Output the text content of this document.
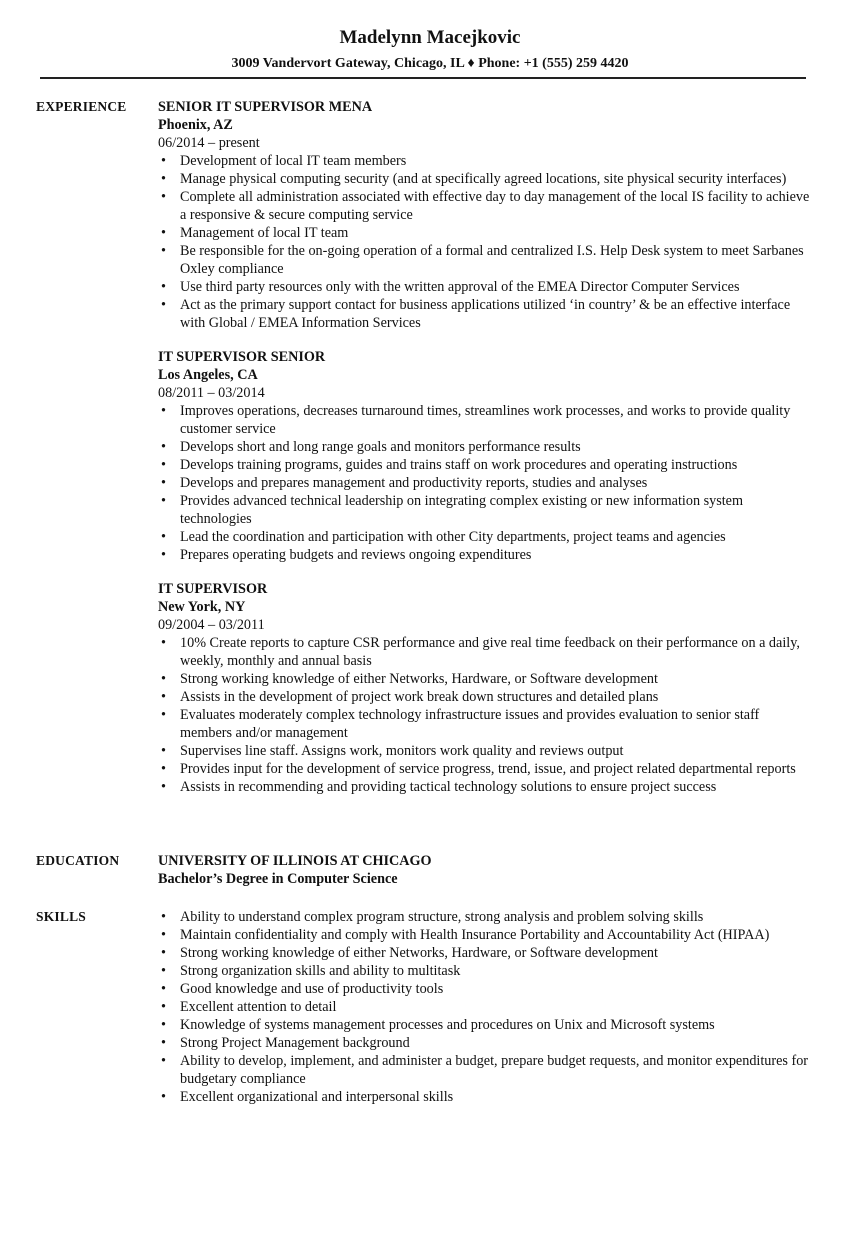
Madelynn Macejkovic
3009 Vandervort Gateway, Chicago, IL ♦ Phone: +1 (555) 259 4420
EXPERIENCE SENIOR IT SUPERVISOR MENA
Phoenix, AZ
06/2014 – present
• Development of local IT team members
• Manage physical computing security (and at specifically agreed locations, site physical security interfaces)
• Complete all administration associated with effective day to day management of the local IS facility to achieve a responsive & secure computing service
• Management of local IT team
• Be responsible for the on-going operation of a formal and centralized I.S. Help Desk system to meet Sarbanes Oxley compliance
• Use third party resources only with the written approval of the EMEA Director Computer Services
• Act as the primary support contact for business applications utilized ‘in country’ & be an effective interface with Global / EMEA Information Services
IT SUPERVISOR SENIOR
Los Angeles, CA
08/2011 – 03/2014
• Improves operations, decreases turnaround times, streamlines work processes, and works to provide quality customer service
• Develops short and long range goals and monitors performance results
• Develops training programs, guides and trains staff on work procedures and operating instructions
• Develops and prepares management and productivity reports, studies and analyses
• Provides advanced technical leadership on integrating complex existing or new information system technologies
• Lead the coordination and participation with other City departments, project teams and agencies
• Prepares operating budgets and reviews ongoing expenditures
IT SUPERVISOR
New York, NY
09/2004 – 03/2011
• 10% Create reports to capture CSR performance and give real time feedback on their performance on a daily, weekly, monthly and annual basis
• Strong working knowledge of either Networks, Hardware, or Software development
• Assists in the development of project work break down structures and detailed plans
• Evaluates moderately complex technology infrastructure issues and provides evaluation to senior staff members and/or management
• Supervises line staff. Assigns work, monitors work quality and reviews output
• Provides input for the development of service progress, trend, issue, and project related departmental reports
• Assists in recommending and providing tactical technology solutions to ensure project success
EDUCATION	UNIVERSITY OF ILLINOIS AT CHICAGO
Bachelor’s Degree in Computer Science
SKILLS
•	Ability to understand complex program structure, strong analysis and problem solving skills
• Maintain confidentiality and comply with Health Insurance Portability and Accountability Act (HIPAA)
• Strong working knowledge of either Networks, Hardware, or Software development
• Strong organization skills and ability to multitask
• Good knowledge and use of productivity tools
• Excellent attention to detail
• Knowledge of systems management processes and procedures on Unix and Microsoft systems
• Strong Project Management background
• Ability to develop, implement, and administer a budget, prepare budget requests, and monitor expenditures for budgetary compliance
• Excellent organizational and interpersonal skills
